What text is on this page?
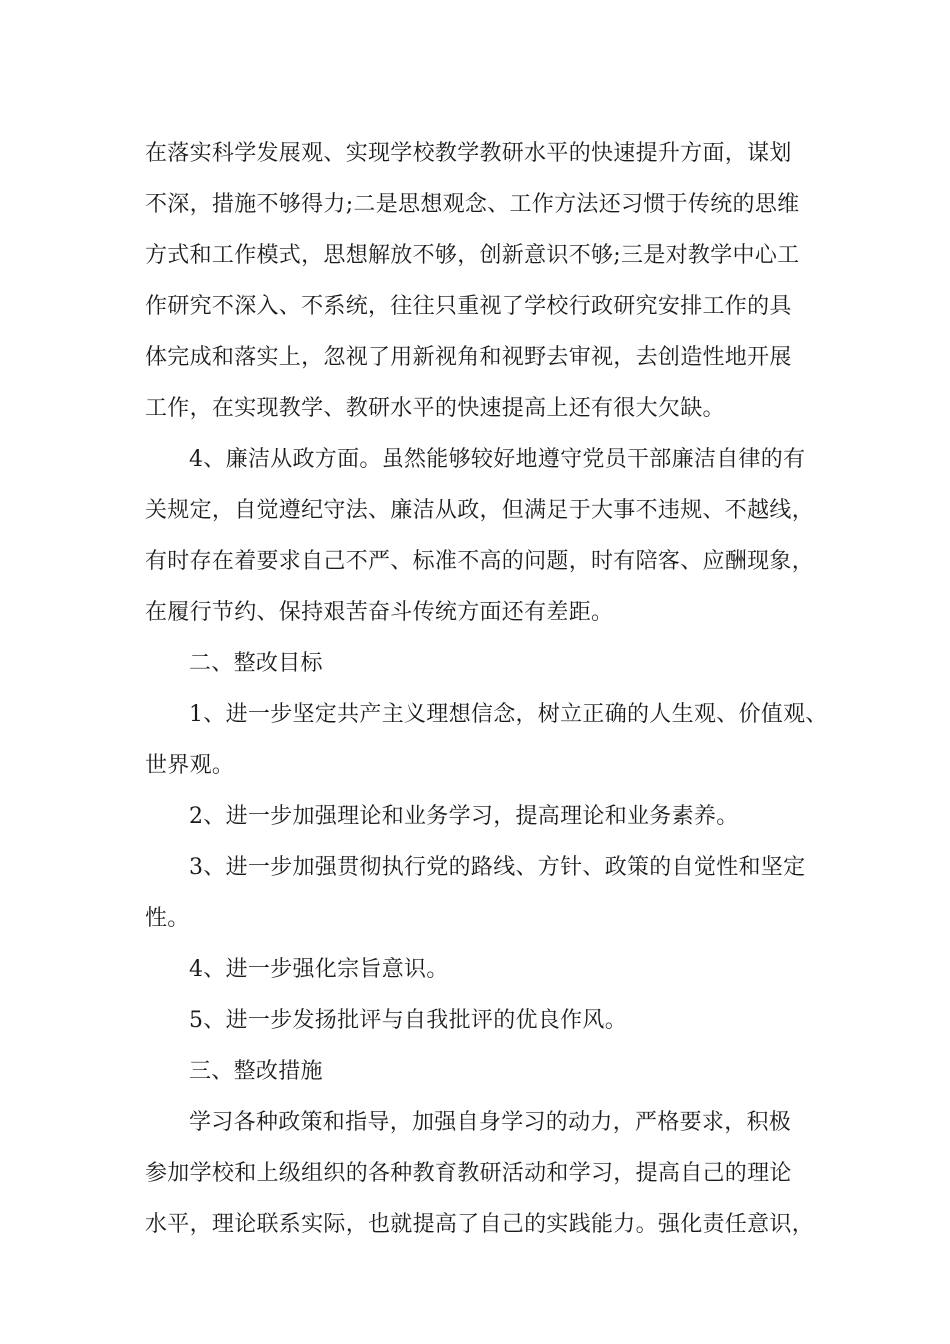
在落实科学发展观、实现学校教学教研水平的快速提升方面，谋划
不深，措施不够得力;二是思想观念、工作方法还习惯于传统的思维
方式和工作模式，思想解放不够，创新意识不够;三是对教学中心工
作研究不深入、不系统，往往只重视了学校行政研究安排工作的具
体完成和落实上，忽视了用新视角和视野去审视，去创造性地开展
工作，在实现教学、教研水平的快速提高上还有很大欠缺。
4、廉洁从政方面。虽然能够较好地遵守党员干部廉洁自律的有
关规定，自觉遵纪守法、廉洁从政，但满足于大事不违规、不越线，
有时存在着要求自己不严、标准不高的问题，时有陪客、应酬现象，
在履行节约、保持艰苦奋斗传统方面还有差距。
二、整改目标
1、进一步坚定共产主义理想信念，树立正确的人生观、价值观、
世界观。
2、进一步加强理论和业务学习，提高理论和业务素养。
3、进一步加强贯彻执行党的路线、方针、政策的自觉性和坚定
性。
4、进一步强化宗旨意识。
5、进一步发扬批评与自我批评的优良作风。
三、整改措施
学习各种政策和指导，加强自身学习的动力，严格要求，积极
参加学校和上级组织的各种教育教研活动和学习，提高自己的理论
水平，理论联系实际，也就提高了自己的实践能力。强化责任意识，
